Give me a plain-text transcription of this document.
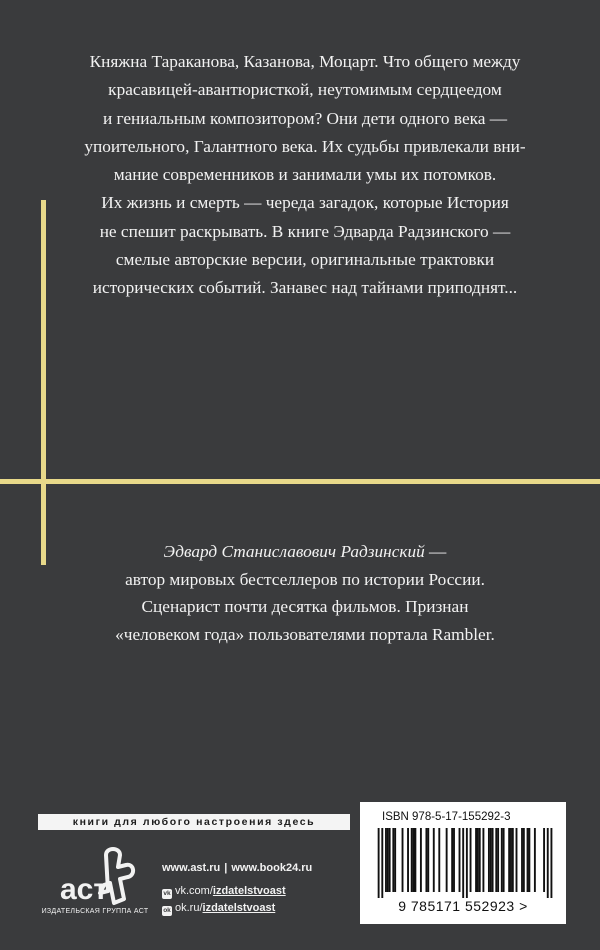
Княжна Тараканова, Казанова, Моцарт. Что общего между
красавицей-авантюристкой, неутомимым сердцеедом
и гениальным композитором? Они дети одного века —
упоительного, Галантного века. Их судьбы привлекали вни-
мание современников и занимали умы их потомков.
Их жизнь и смерть — череда загадок, которые История
не спешит раскрывать. В книге Эдварда Радзинского —
смелые авторские версии, оригинальные трактовки
исторических событий. Занавес над тайнами приподнят...
Эдвард Станиславович Радзинский —
автор мировых бестселлеров по истории России.
Сценарист почти десятка фильмов. Признан
«человеком года» пользователями портала Rambler.
книги для любого настроения здесь
аст
ИЗДАТЕЛЬСКАЯ ГРУППА АСТ
www.ast.ru | www.book24.ru
vk vk.com/izdatelstvoast
ok ok.ru/izdatelstvoast
ISBN 978-5-17-155292-3
9 785171 552923 >
